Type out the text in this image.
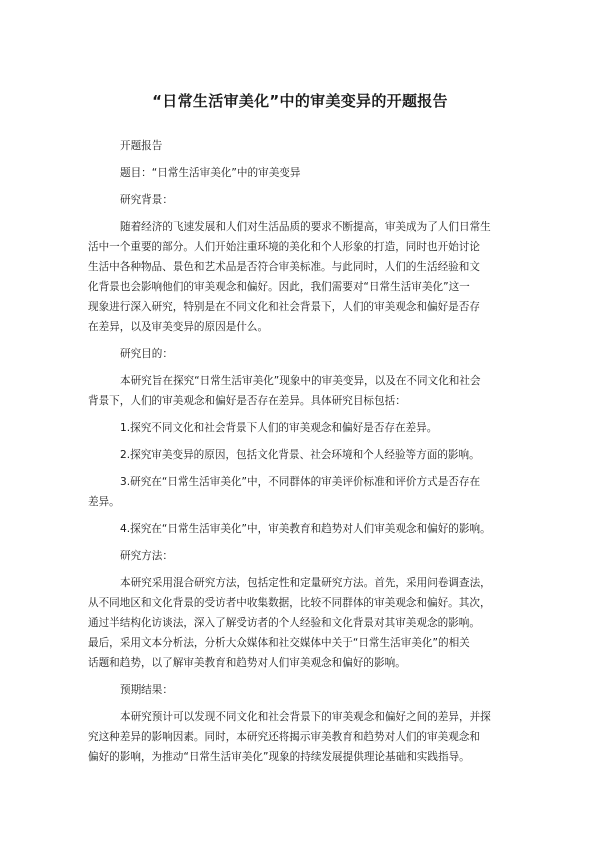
“日常生活审美化”中的审美变异的开题报告
开题报告
题目：“日常生活审美化”中的审美变异
研究背景：
随着经济的飞速发展和人们对生活品质的要求不断提高，审美成为了人们日常生
活中一个重要的部分。人们开始注重环境的美化和个人形象的打造，同时也开始讨论
生活中各种物品、景色和艺术品是否符合审美标准。与此同时，人们的生活经验和文
化背景也会影响他们的审美观念和偏好。因此，我们需要对“日常生活审美化”这一
现象进行深入研究，特别是在不同文化和社会背景下，人们的审美观念和偏好是否存
在差异，以及审美变异的原因是什么。
研究目的：
本研究旨在探究“日常生活审美化”现象中的审美变异，以及在不同文化和社会
背景下，人们的审美观念和偏好是否存在差异。具体研究目标包括：
1.探究不同文化和社会背景下人们的审美观念和偏好是否存在差异。
2.探究审美变异的原因，包括文化背景、社会环境和个人经验等方面的影响。
3.研究在“日常生活审美化”中，不同群体的审美评价标准和评价方式是否存在
差异。
4.探究在“日常生活审美化”中，审美教育和趋势对人们审美观念和偏好的影响。
研究方法：
本研究采用混合研究方法，包括定性和定量研究方法。首先，采用问卷调查法，
从不同地区和文化背景的受访者中收集数据，比较不同群体的审美观念和偏好。其次，
通过半结构化访谈法，深入了解受访者的个人经验和文化背景对其审美观念的影响。
最后，采用文本分析法，分析大众媒体和社交媒体中关于“日常生活审美化”的相关
话题和趋势，以了解审美教育和趋势对人们审美观念和偏好的影响。
预期结果：
本研究预计可以发现不同文化和社会背景下的审美观念和偏好之间的差异，并探
究这种差异的影响因素。同时，本研究还将揭示审美教育和趋势对人们的审美观念和
偏好的影响，为推动“日常生活审美化”现象的持续发展提供理论基础和实践指导。
